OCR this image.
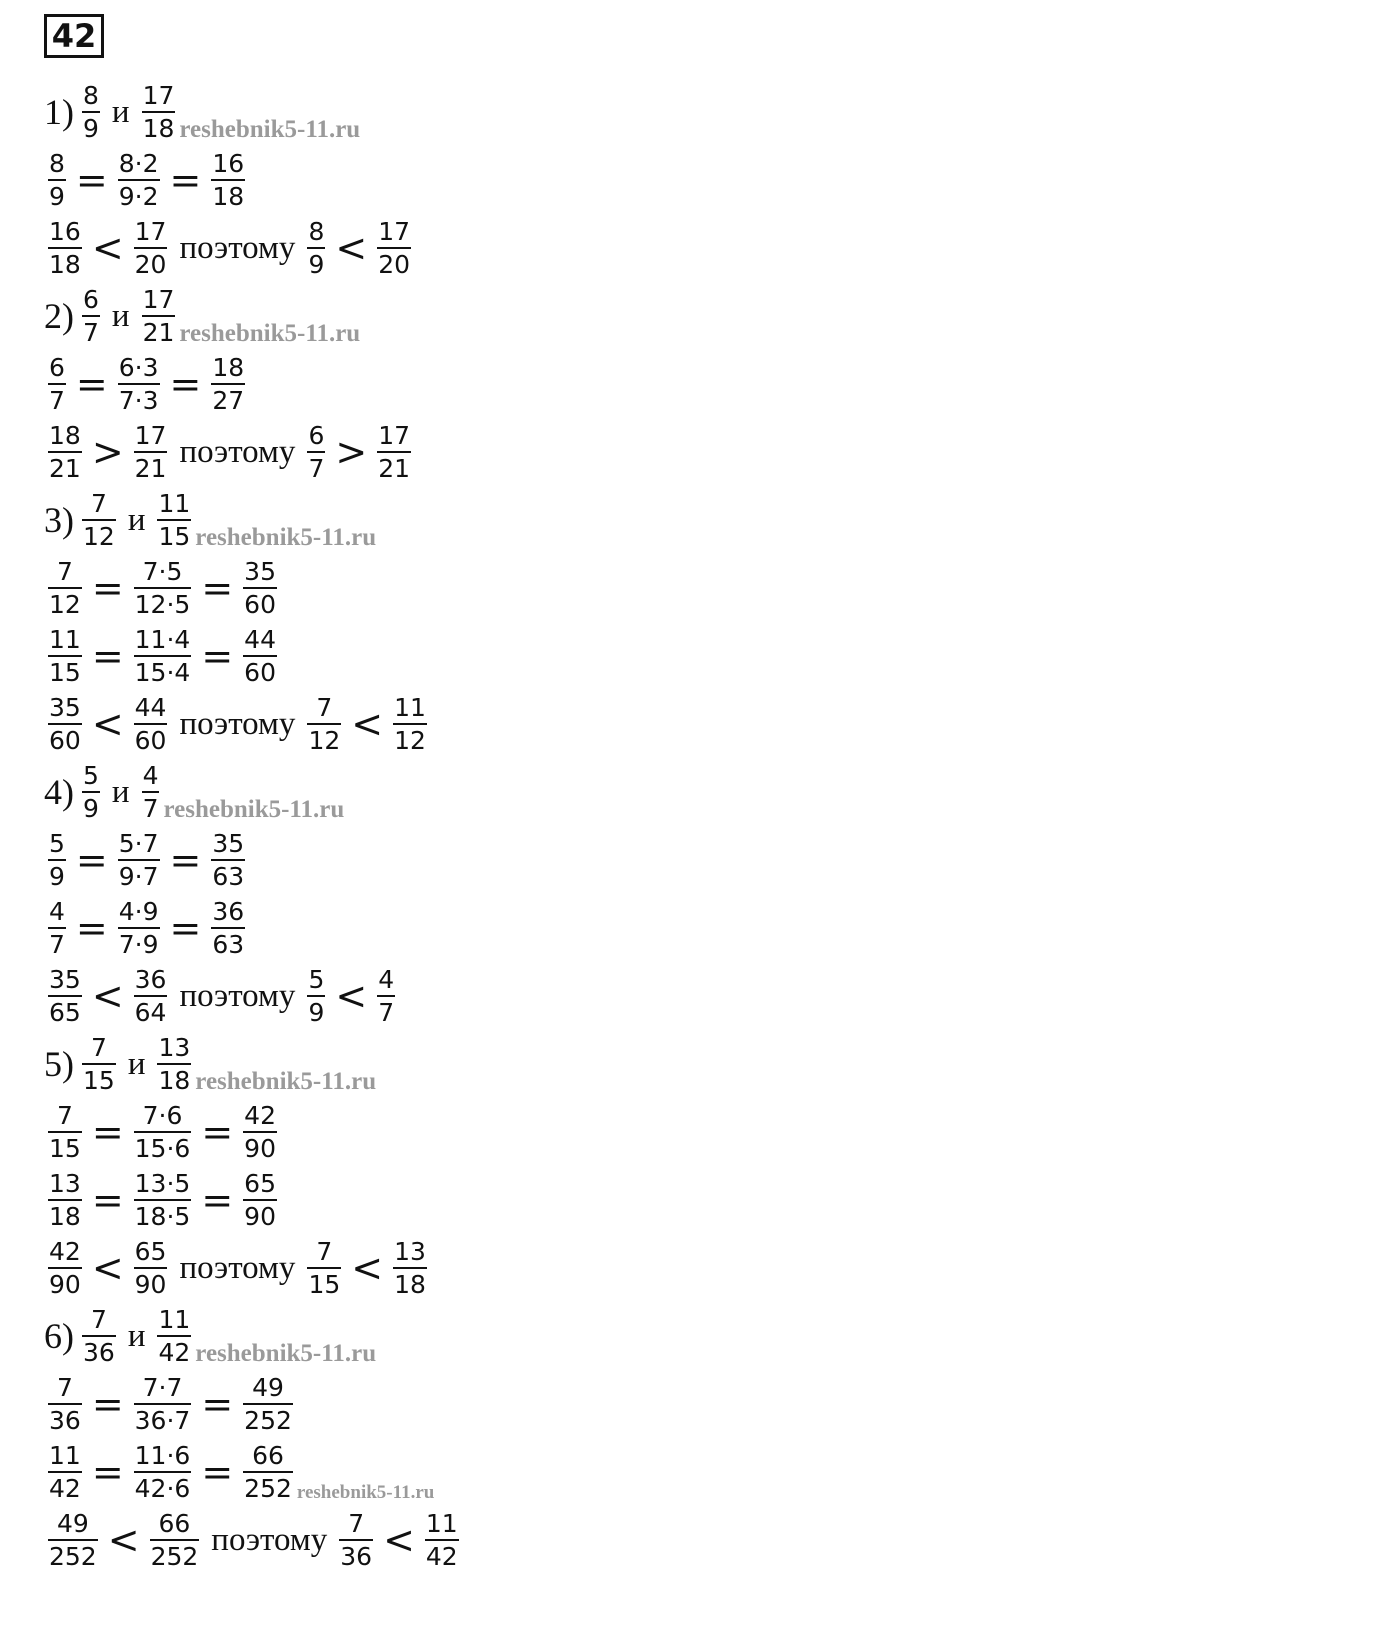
42
$1) \frac{8}{9}$ и $\frac{17}{18}$ reshebnik5-11.ru
$\frac{8}{9} = \frac{8\cdot 2}{9\cdot 2} = \frac{16}{18}$
$\frac{16}{18} < \frac{17}{20}$ поэтому $\frac{8}{9} < \frac{17}{20}$
$2) \frac{6}{7}$ и $\frac{17}{21}$ reshebnik5-11.ru
$\frac{6}{7} = \frac{6\cdot 3}{7\cdot 3} = \frac{18}{27}$
$\frac{18}{21} > \frac{17}{21}$ поэтому $\frac{6}{7} > \frac{17}{21}$
$3) \frac{7}{12}$ и $\frac{11}{15}$ reshebnik5-11.ru
$\frac{7}{12} = \frac{7\cdot 5}{12\cdot 5} = \frac{35}{60}$
$\frac{11}{15} = \frac{11\cdot 4}{15\cdot 4} = \frac{44}{60}$
$\frac{35}{60} < \frac{44}{60}$ поэтому $\frac{7}{12} < \frac{11}{12}$
$4) \frac{5}{9}$ и $\frac{4}{7}$ reshebnik5-11.ru
$\frac{5}{9} = \frac{5\cdot 7}{9\cdot 7} = \frac{35}{63}$
$\frac{4}{7} = \frac{4\cdot 9}{7\cdot 9} = \frac{36}{63}$
$\frac{35}{65} < \frac{36}{64}$ поэтому $\frac{5}{9} < \frac{4}{7}$
$5) \frac{7}{15}$ и $\frac{13}{18}$ reshebnik5-11.ru
$\frac{7}{15} = \frac{7\cdot 6}{15\cdot 6} = \frac{42}{90}$
$\frac{13}{18} = \frac{13\cdot 5}{18\cdot 5} = \frac{65}{90}$
$\frac{42}{90} < \frac{65}{90}$ поэтому $\frac{7}{15} < \frac{13}{18}$
$6) \frac{7}{36}$ и $\frac{11}{42}$ reshebnik5-11.ru
$\frac{7}{36} = \frac{7\cdot 7}{36\cdot 7} = \frac{49}{252}$
$\frac{11}{42} = \frac{11\cdot 6}{42\cdot 6} = \frac{66}{252}$ reshebnik5-11.ru
$\frac{49}{252} < \frac{66}{252}$ поэтому $\frac{7}{36} < \frac{11}{42}$
